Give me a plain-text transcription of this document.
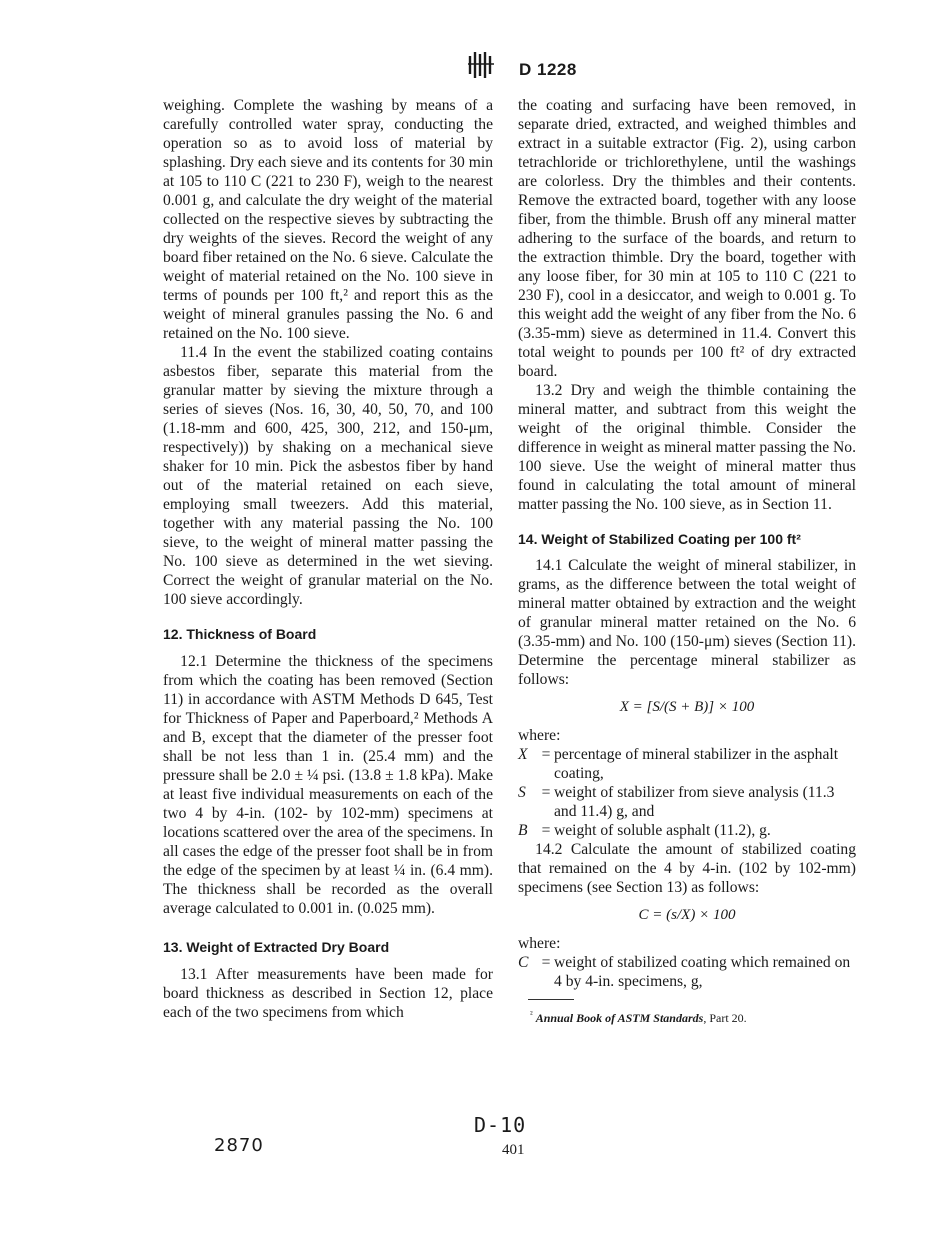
D 1228

weighing. Complete the washing by means of a carefully controlled water spray, conducting the operation so as to avoid loss of material by splashing. Dry each sieve and its contents for 30 min at 105 to 110 C (221 to 230 F), weigh to the nearest 0.001 g, and calculate the dry weight of the material collected on the respective sieves by subtracting the dry weights of the sieves. Record the weight of any board fiber retained on the No. 6 sieve. Calculate the weight of material retained on the No. 100 sieve in terms of pounds per 100 ft,² and report this as the weight of mineral granules passing the No. 6 and retained on the No. 100 sieve.

11.4 In the event the stabilized coating contains asbestos fiber, separate this material from the granular matter by sieving the mixture through a series of sieves (Nos. 16, 30, 40, 50, 70, and 100 (1.18-mm and 600, 425, 300, 212, and 150-μm, respectively)) by shaking on a mechanical sieve shaker for 10 min. Pick the asbestos fiber by hand out of the material retained on each sieve, employing small tweezers. Add this material, together with any material passing the No. 100 sieve, to the weight of mineral matter passing the No. 100 sieve as determined in the wet sieving. Correct the weight of granular material on the No. 100 sieve accordingly.

12. Thickness of Board

12.1 Determine the thickness of the specimens from which the coating has been removed (Section 11) in accordance with ASTM Methods D 645, Test for Thickness of Paper and Paperboard,² Methods A and B, except that the diameter of the presser foot shall be not less than 1 in. (25.4 mm) and the pressure shall be 2.0 ± ¼ psi. (13.8 ± 1.8 kPa). Make at least five individual measurements on each of the two 4 by 4-in. (102- by 102-mm) specimens at locations scattered over the area of the specimens. In all cases the edge of the presser foot shall be in from the edge of the specimen by at least ¼ in. (6.4 mm). The thickness shall be recorded as the overall average calculated to 0.001 in. (0.025 mm).

13. Weight of Extracted Dry Board

13.1 After measurements have been made for board thickness as described in Section 12, place each of the two specimens from which

the coating and surfacing have been removed, in separate dried, extracted, and weighed thimbles and extract in a suitable extractor (Fig. 2), using carbon tetrachloride or trichlorethylene, until the washings are colorless. Dry the thimbles and their contents. Remove the extracted board, together with any loose fiber, from the thimble. Brush off any mineral matter adhering to the surface of the boards, and return to the extraction thimble. Dry the board, together with any loose fiber, for 30 min at 105 to 110 C (221 to 230 F), cool in a desiccator, and weigh to 0.001 g. To this weight add the weight of any fiber from the No. 6 (3.35-mm) sieve as determined in 11.4. Convert this total weight to pounds per 100 ft² of dry extracted board.

13.2 Dry and weigh the thimble containing the mineral matter, and subtract from this weight the weight of the original thimble. Consider the difference in weight as mineral matter passing the No. 100 sieve. Use the weight of mineral matter thus found in calculating the total amount of mineral matter passing the No. 100 sieve, as in Section 11.

14. Weight of Stabilized Coating per 100 ft²

14.1 Calculate the weight of mineral stabilizer, in grams, as the difference between the total weight of mineral matter obtained by extraction and the weight of granular mineral matter retained on the No. 6 (3.35-mm) and No. 100 (150-μm) sieves (Section 11). Determine the percentage mineral stabilizer as follows:

X = [S/(S + B)] × 100
where:
X = percentage of mineral stabilizer in the asphalt coating,
S	= weight of stabilizer from sieve analysis (11.3 and 11.4) g, and
B = weight of soluble asphalt (11.2), g.

14.2 Calculate the amount of stabilized coating that remained on the 4 by 4-in. (102 by 102-mm) specimens (see Section 13) as follows:

C = (s/X) × 100
where:
C = weight of stabilized coating which remained on 4 by 4-in. specimens, g,
$^{^2}$ Annual Book of ASTM Standards, Part 20.
2870
D-10
401
